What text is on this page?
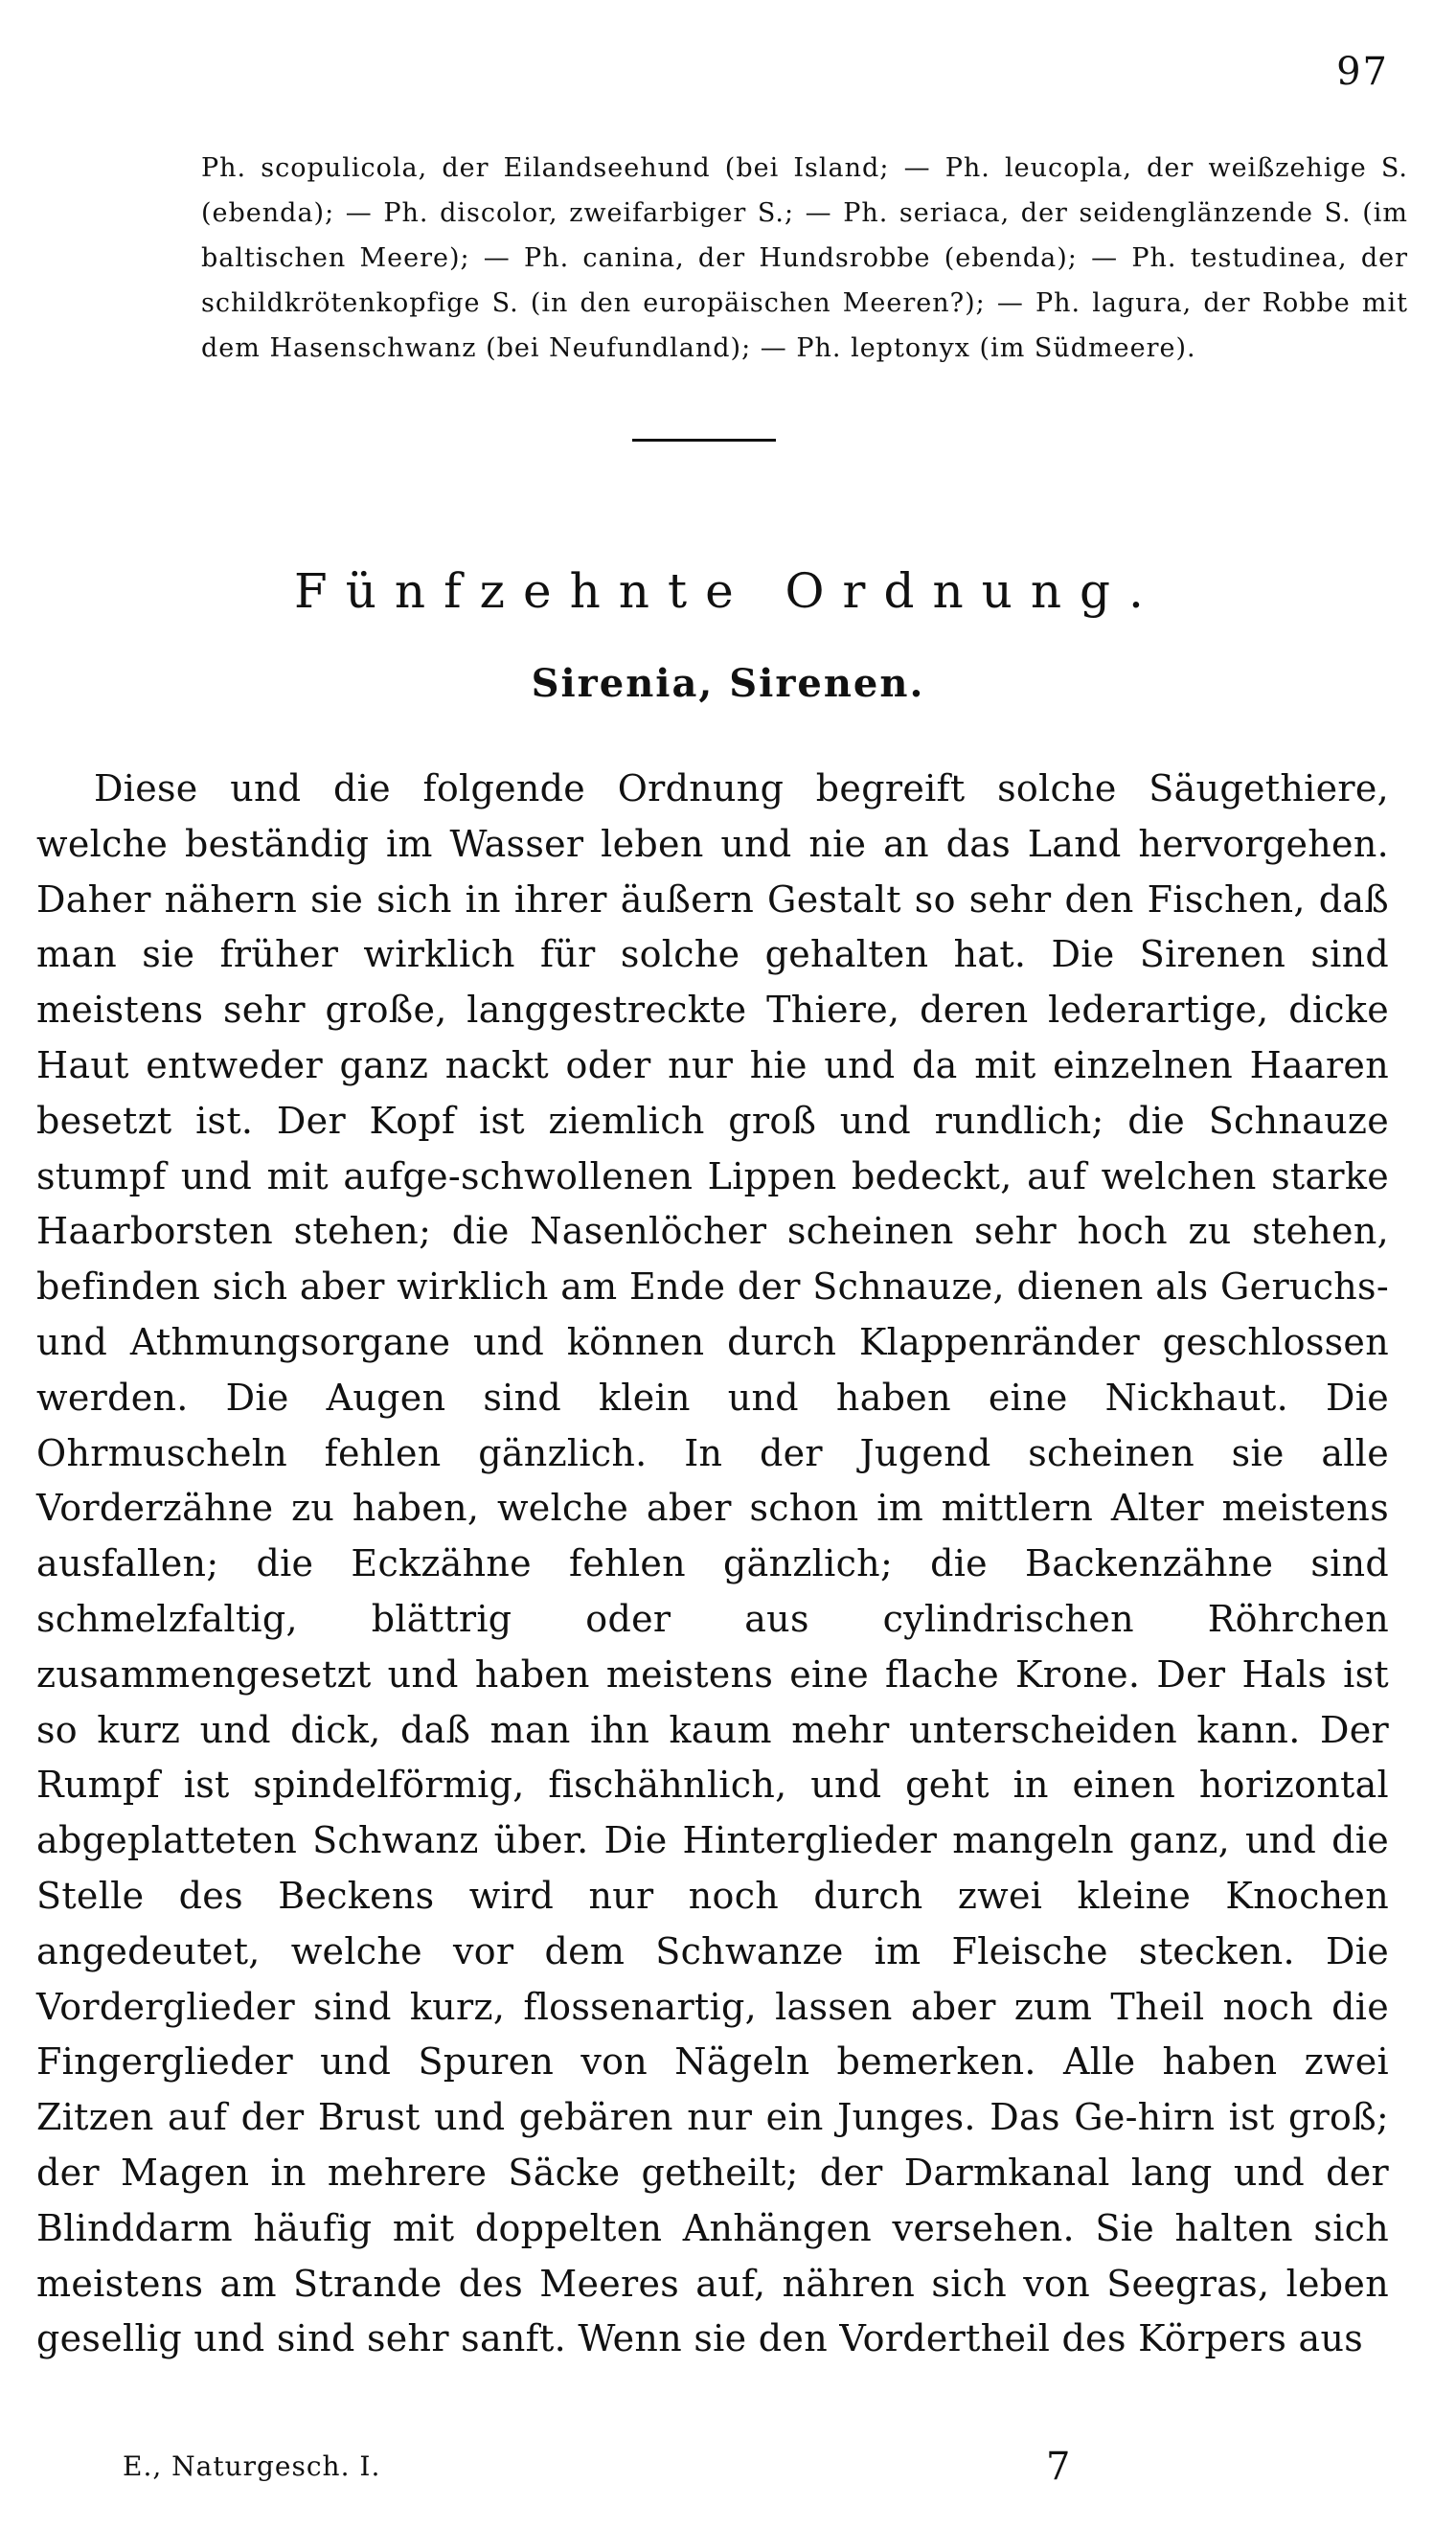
97
Ph. scopulicola, der Eilandseehund (bei Island; — Ph. leucopla, der weißzehige S. (ebenda); — Ph. discolor, zweifarbiger S.; — Ph. seriaca, der seidenglänzende S. (im baltischen Meere); — Ph. canina, der Hundsrobbe (ebenda); — Ph. testudinea, der schildkrötenkopfige S. (in den europäischen Meeren?); — Ph. lagura, der Robbe mit dem Hasenschwanz (bei Neufundland); — Ph. leptonyx (im Südmeere).
Fünfzehnte Ordnung.
Sirenia, Sirenen.

Diese und die folgende Ordnung begreift solche Säugethiere, welche beständig im Wasser leben und nie an das Land hervorgehen. Daher nähern sie sich in ihrer äußern Gestalt so sehr den Fischen, daß man sie früher wirklich für solche gehalten hat. Die Sirenen sind meistens sehr große, langgestreckte Thiere, deren lederartige, dicke Haut entweder ganz nackt oder nur hie und da mit einzelnen Haaren besetzt ist. Der Kopf ist ziemlich groß und rundlich; die Schnauze stumpf und mit aufge-schwollenen Lippen bedeckt, auf welchen starke Haarborsten stehen; die Nasenlöcher scheinen sehr hoch zu stehen, befinden sich aber wirklich am Ende der Schnauze, dienen als Geruchs- und Athmungsorgane und können durch Klappenränder geschlossen werden. Die Augen sind klein und haben eine Nickhaut. Die Ohrmuscheln fehlen gänzlich. In der Jugend scheinen sie alle Vorderzähne zu haben, welche aber schon im mittlern Alter meistens ausfallen; die Eckzähne fehlen gänzlich; die Backenzähne sind schmelzfaltig, blättrig oder aus cylindrischen Röhrchen zusammengesetzt und haben meistens eine flache Krone. Der Hals ist so kurz und dick, daß man ihn kaum mehr unterscheiden kann. Der Rumpf ist spindelförmig, fischähnlich, und geht in einen horizontal abgeplatteten Schwanz über. Die Hinterglieder mangeln ganz, und die Stelle des Beckens wird nur noch durch zwei kleine Knochen angedeutet, welche vor dem Schwanze im Fleische stecken. Die Vorderglieder sind kurz, flossenartig, lassen aber zum Theil noch die Fingerglieder und Spuren von Nägeln bemerken. Alle haben zwei Zitzen auf der Brust und gebären nur ein Junges. Das Ge-hirn ist groß; der Magen in mehrere Säcke getheilt; der Darmkanal lang und der Blinddarm häufig mit doppelten Anhängen versehen. Sie halten sich meistens am Strande des Meeres auf, nähren sich von Seegras, leben gesellig und sind sehr sanft. Wenn sie den Vordertheil des Körpers aus

E., Naturgesch. I.	7
